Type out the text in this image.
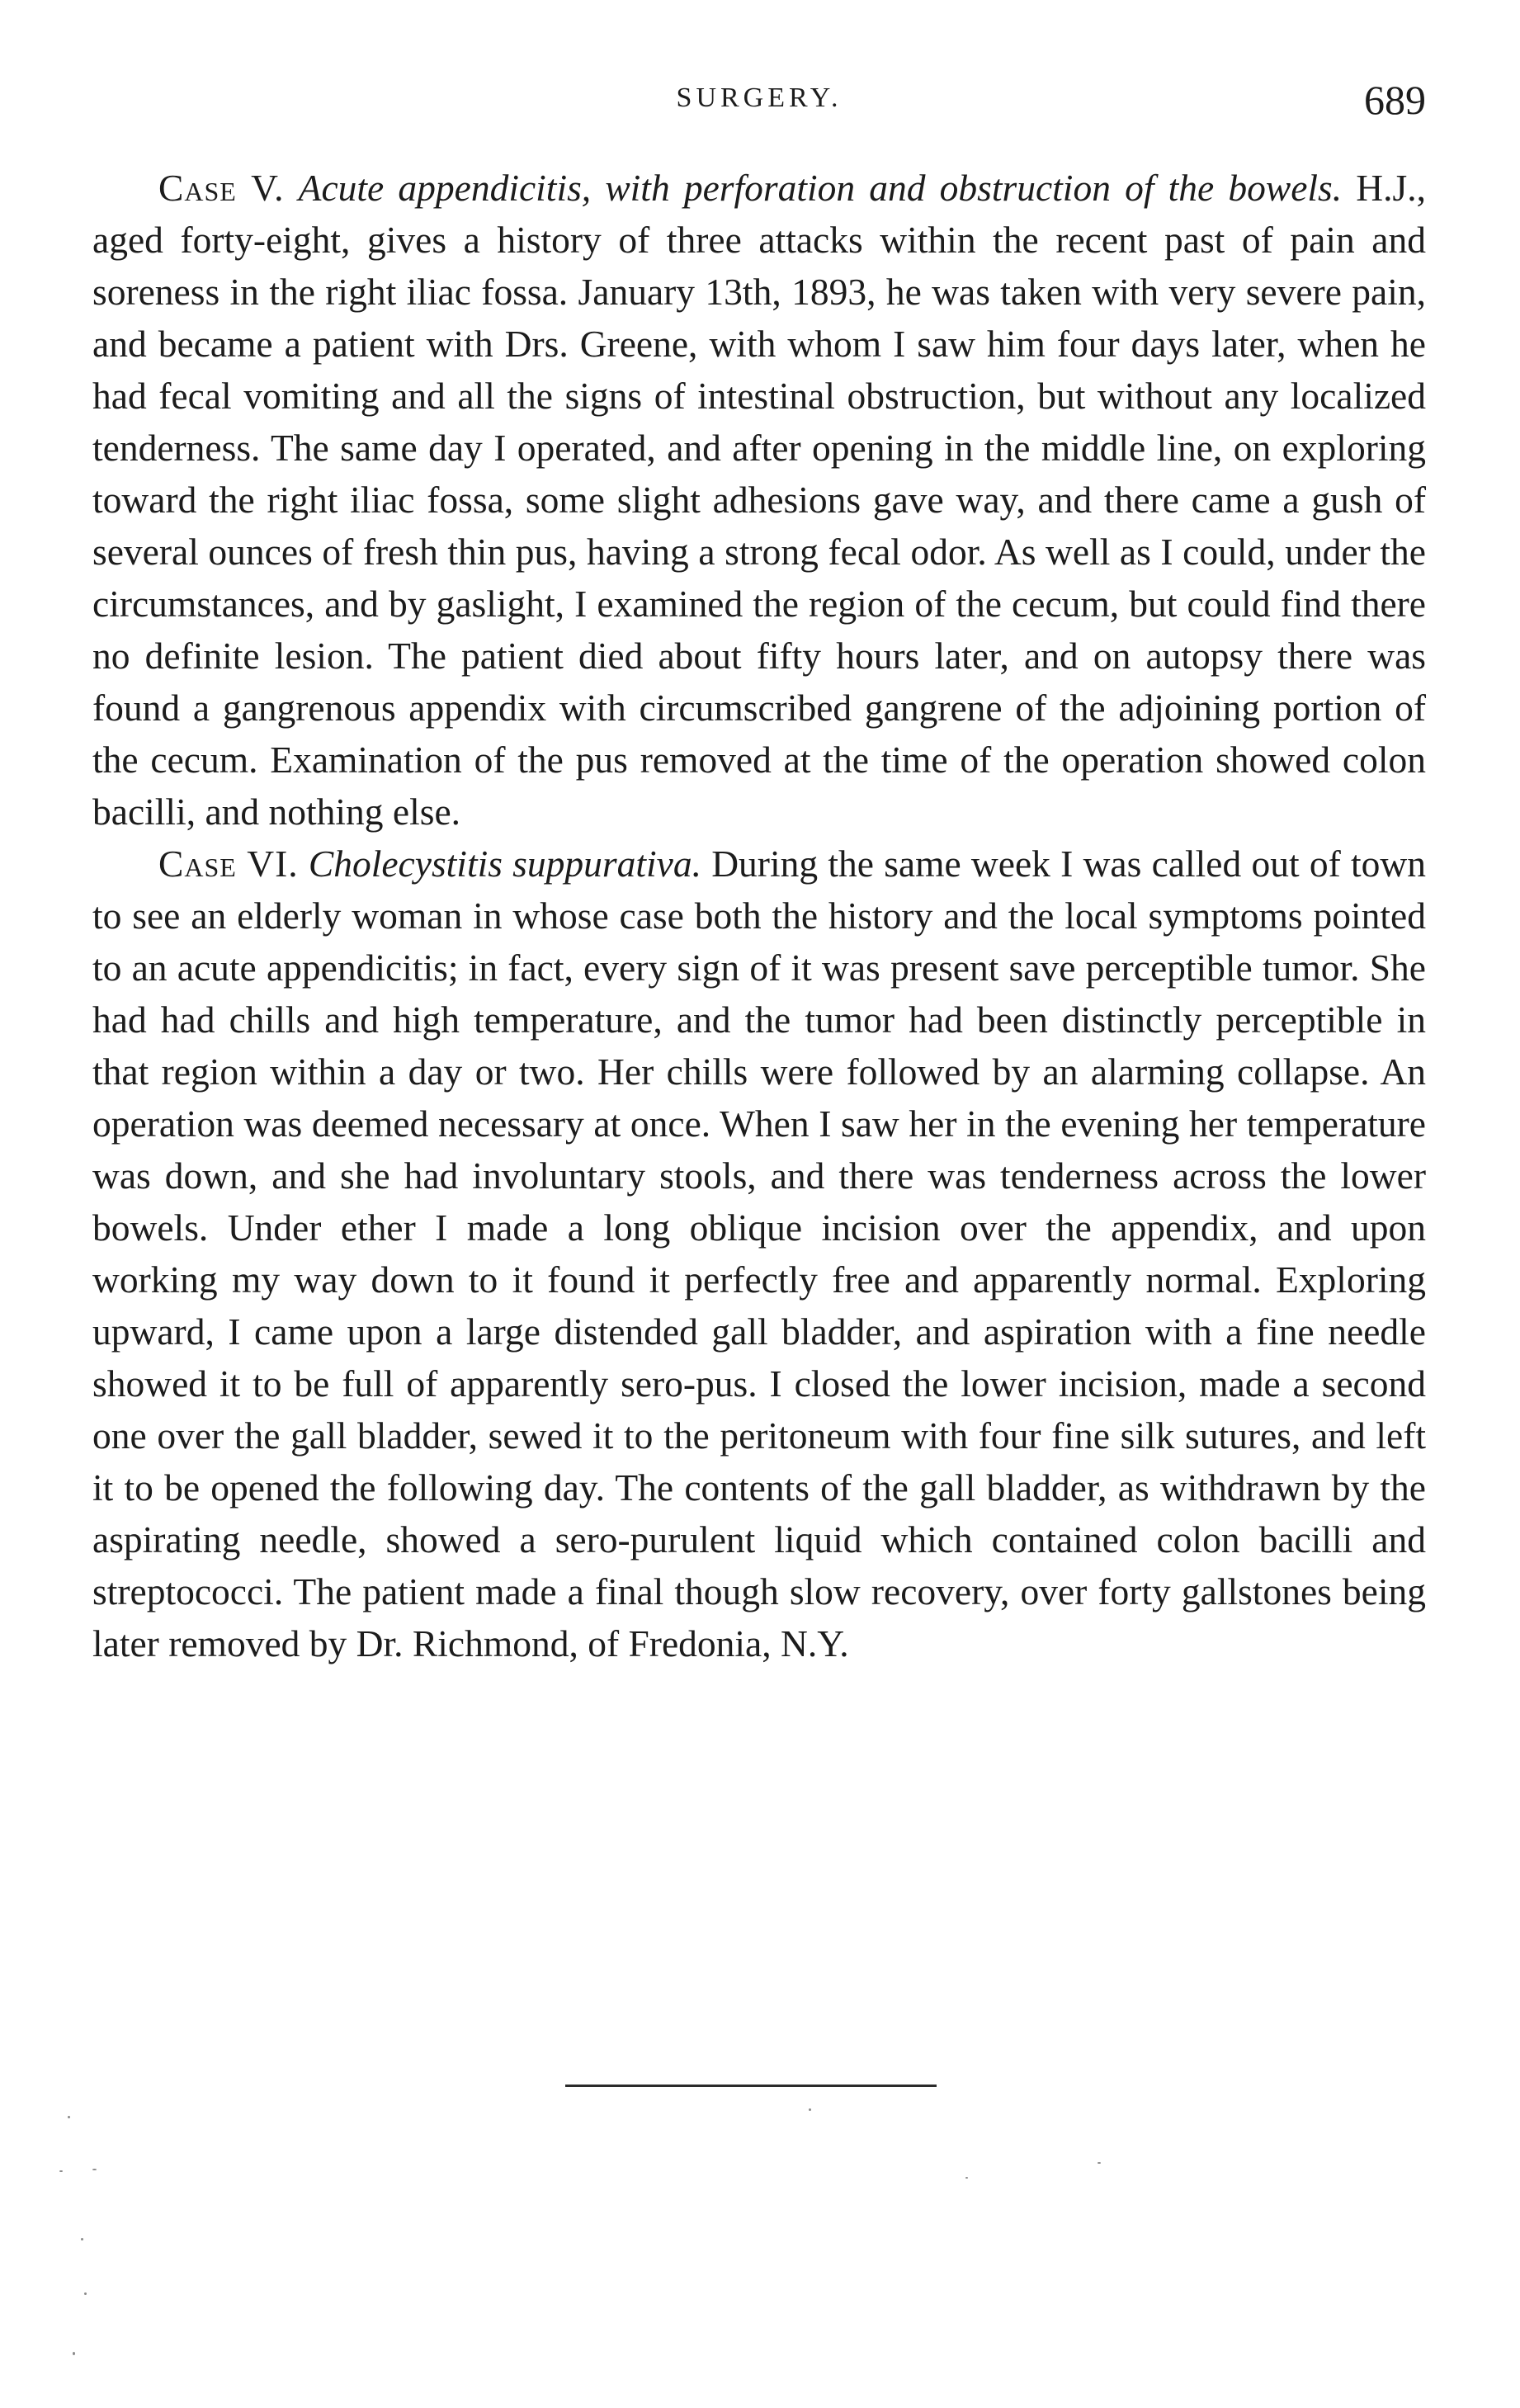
SURGERY.	689

Case V. Acute appendicitis, with perforation and obstruction of the bowels. H.J., aged forty-eight, gives a history of three attacks within the recent past of pain and soreness in the right iliac fossa. January 13th, 1893, he was taken with very severe pain, and became a patient with Drs. Greene, with whom I saw him four days later, when he had fecal vomiting and all the signs of intestinal obstruction, but without any localized tenderness. The same day I operated, and after opening in the middle line, on exploring toward the right iliac fossa, some slight adhesions gave way, and there came a gush of several ounces of fresh thin pus, having a strong fecal odor. As well as I could, under the circumstances, and by gaslight, I examined the region of the cecum, but could find there no definite lesion. The patient died about fifty hours later, and on autopsy there was found a gangrenous appendix with circumscribed gangrene of the adjoining portion of the cecum. Examination of the pus removed at the time of the operation showed colon bacilli, and nothing else.

Case VI. Cholecystitis suppurativa. During the same week I was called out of town to see an elderly woman in whose case both the history and the local symptoms pointed to an acute appendicitis; in fact, every sign of it was present save perceptible tumor. She had had chills and high temperature, and the tumor had been distinctly perceptible in that region within a day or two. Her chills were followed by an alarming collapse. An operation was deemed necessary at once. When I saw her in the evening her temperature was down, and she had involuntary stools, and there was tenderness across the lower bowels. Under ether I made a long oblique incision over the appendix, and upon working my way down to it found it perfectly free and apparently normal. Exploring upward, I came upon a large distended gall bladder, and aspiration with a fine needle showed it to be full of apparently sero-pus. I closed the lower incision, made a second one over the gall bladder, sewed it to the peritoneum with four fine silk sutures, and left it to be opened the following day. The contents of the gall bladder, as withdrawn by the aspirating needle, showed a sero-purulent liquid which contained colon bacilli and streptococci. The patient made a final though slow recovery, over forty gallstones being later removed by Dr. Richmond, of Fredonia, N.Y.
